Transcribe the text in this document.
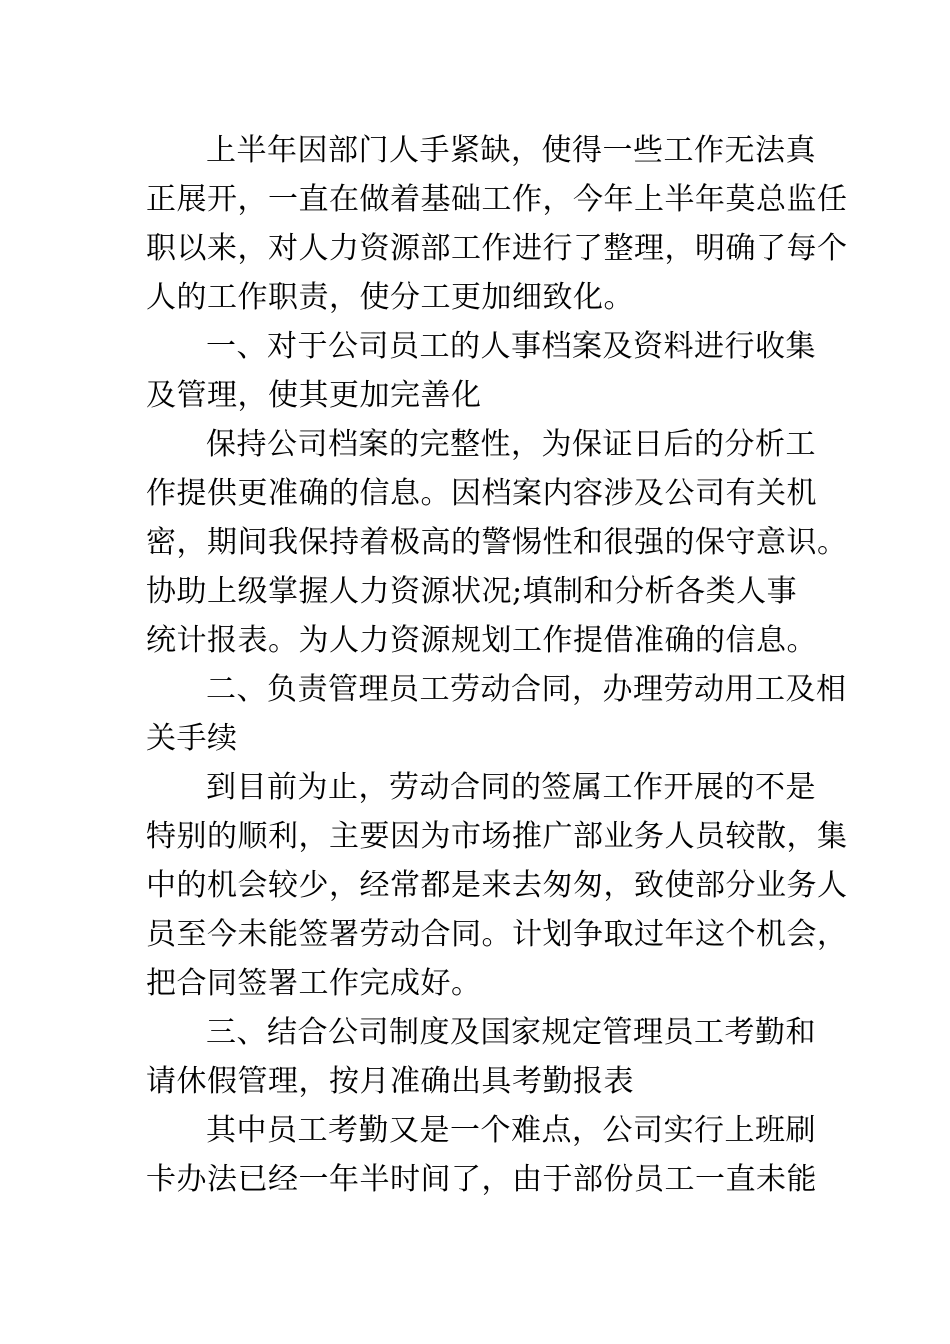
上半年因部门人手紧缺，使得一些工作无法真
正展开，一直在做着基础工作，今年上半年莫总监任
职以来，对人力资源部工作进行了整理，明确了每个
人的工作职责，使分工更加细致化。

一、对于公司员工的人事档案及资料进行收集
及管理，使其更加完善化

保持公司档案的完整性，为保证日后的分析工
作提供更准确的信息。因档案内容涉及公司有关机
密，期间我保持着极高的警惕性和很强的保守意识。
协助上级掌握人力资源状况;填制和分析各类人事
统计报表。为人力资源规划工作提借准确的信息。

二、负责管理员工劳动合同，办理劳动用工及相
关手续

到目前为止，劳动合同的签属工作开展的不是
特别的顺利，主要因为市场推广部业务人员较散，集
中的机会较少，经常都是来去匆匆，致使部分业务人
员至今未能签署劳动合同。计划争取过年这个机会，
把合同签署工作完成好。

三、结合公司制度及国家规定管理员工考勤和
请休假管理，按月准确出具考勤报表

其中员工考勤又是一个难点，公司实行上班刷
卡办法已经一年半时间了，由于部份员工一直未能
